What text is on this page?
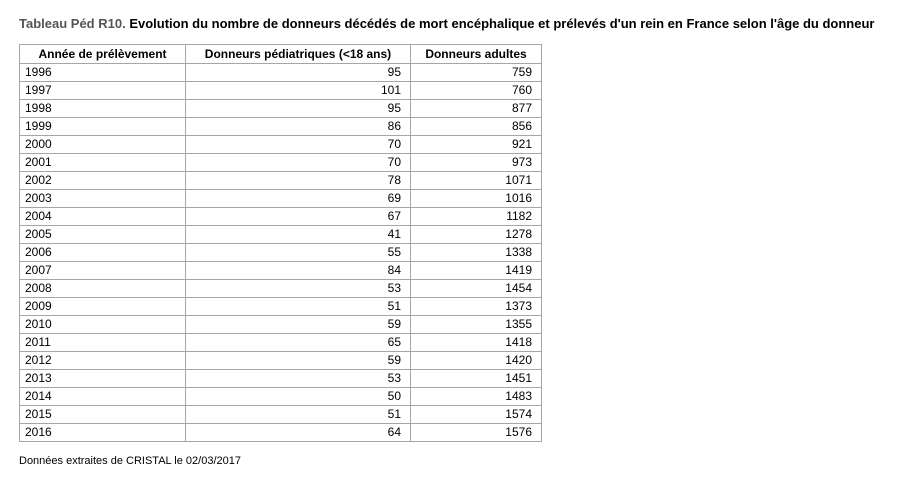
Tableau Péd R10. Evolution du nombre de donneurs décédés de mort encéphalique et prélevés d'un rein en France selon l'âge du donneur
Année de prélèvement	Donneurs pédiatriques (<18 ans)	Donneurs adultes
1996	95	759
1997	101	760
1998	95	877
1999	86	856
2000	70	921
2001	70	973
2002	78	1071
2003	69	1016
2004	67	1182
2005	41	1278
2006	55	1338
2007	84	1419
2008	53	1454
2009	51	1373
2010	59	1355
2011	65	1418
2012	59	1420
2013	53	1451
2014	50	1483
2015	51	1574
2016	64	1576
Données extraites de CRISTAL le 02/03/2017
